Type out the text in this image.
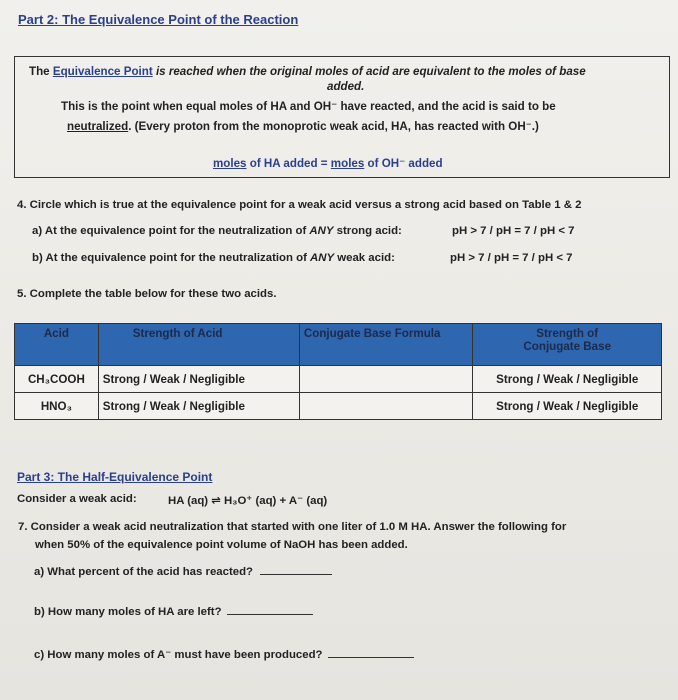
Part 2: The Equivalence Point of the Reaction
The Equivalence Point is reached when the original moles of acid are equivalent to the moles of base
added.
This is the point when equal moles of HA and OH⁻ have reacted, and the acid is said to be
neutralized. (Every proton from the monoprotic weak acid, HA, has reacted with OH⁻.)
moles of HA added = moles of OH⁻ added
4. Circle which is true at the equivalence point for a weak acid versus a strong acid based on Table 1 & 2
a) At the equivalence point for the neutralization of ANY strong acid:	pH > 7 / pH = 7 / pH < 7
b) At the equivalence point for the neutralization of ANY weak acid:	pH > 7 / pH = 7 / pH < 7
5. Complete the table below for these two acids.
Acid	Strength of Acid	Conjugate Base Formula	Strength of
Conjugate Base

CH₃COOH	Strong / Weak / Negligible		Strong / Weak / Negligible
HNO₃	Strong / Weak / Negligible		Strong / Weak / Negligible
Part 3: The Half-Equivalence Point
Consider a weak acid:	HA (aq) ⇌ H₃O⁺ (aq) + A⁻ (aq)
7. Consider a weak acid neutralization that started with one liter of 1.0 M HA. Answer the following for
when 50% of the equivalence point volume of NaOH has been added.
a) What percent of the acid has reacted?
b) How many moles of HA are left?
c) How many moles of A⁻ must have been produced?
